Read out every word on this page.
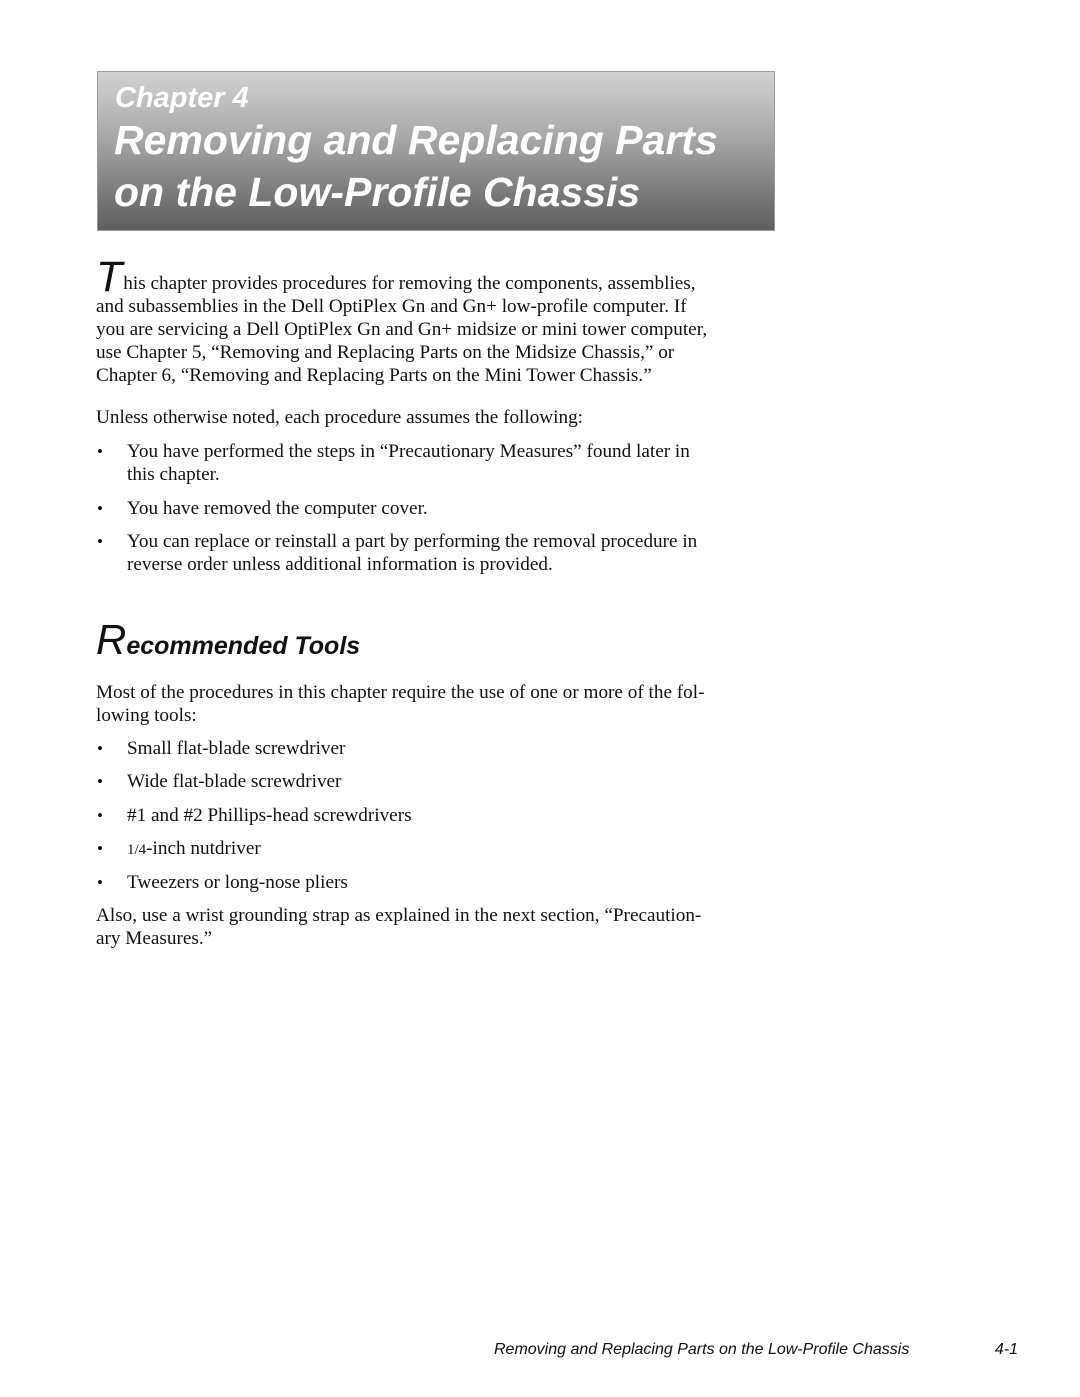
Chapter 4
Removing and Replacing Parts
on the Low-Profile Chassis
This chapter provides procedures for removing the components, assemblies,
and subassemblies in the Dell OptiPlex Gn and Gn+ low-profile computer. If
you are servicing a Dell OptiPlex Gn and Gn+ midsize or mini tower computer,
use Chapter 5, “Removing and Replacing Parts on the Midsize Chassis,” or
Chapter 6, “Removing and Replacing Parts on the Mini Tower Chassis.”
Unless otherwise noted, each procedure assumes the following:
• You have performed the steps in “Precautionary Measures” found later in
this chapter.
• You have removed the computer cover.
• You can replace or reinstall a part by performing the removal procedure in
reverse order unless additional information is provided.
Recommended Tools
Most of the procedures in this chapter require the use of one or more of the fol-
lowing tools:
• Small flat-blade screwdriver
• Wide flat-blade screwdriver
• #1 and #2 Phillips-head screwdrivers
• 1/4-inch nutdriver
• Tweezers or long-nose pliers
Also, use a wrist grounding strap as explained in the next section, “Precaution-
ary Measures.”
Removing and Replacing Parts on the Low-Profile Chassis	4-1
